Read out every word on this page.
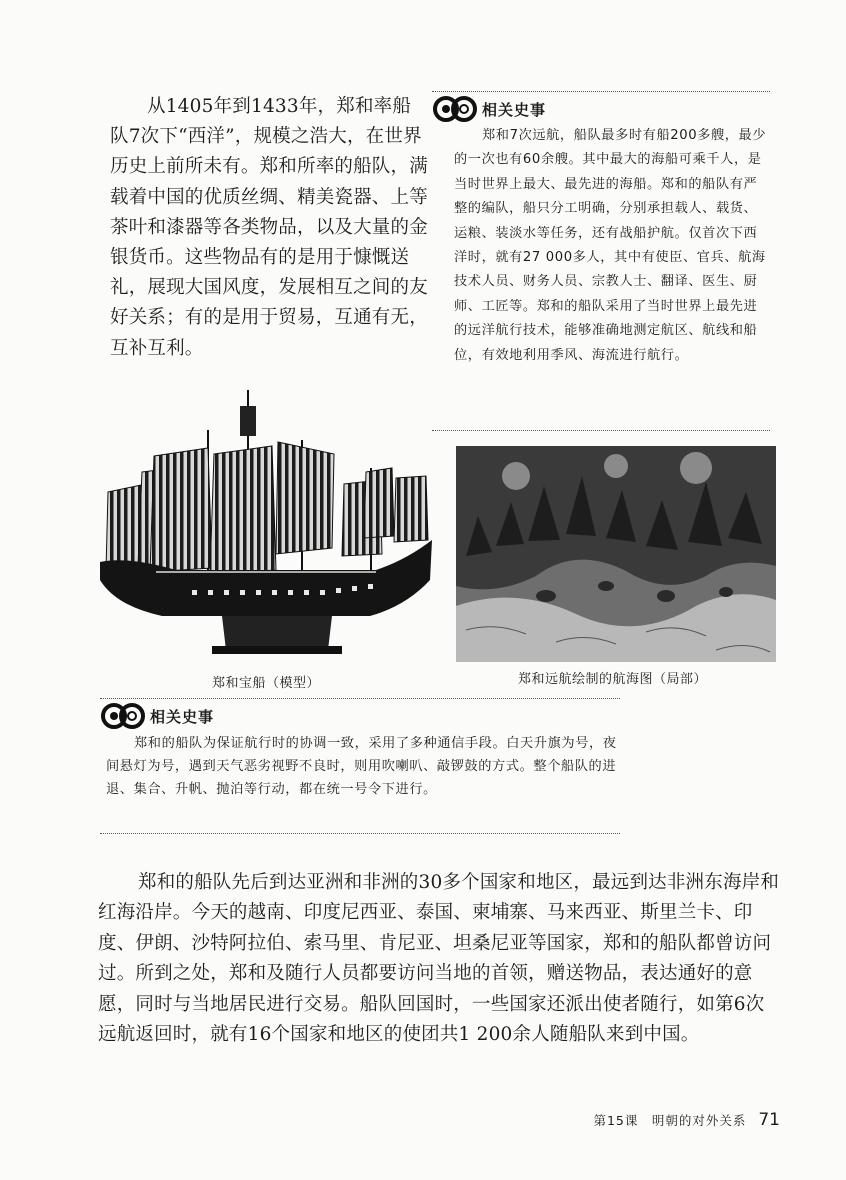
从1405年到1433年，郑和率船队7次下“西洋”，规模之浩大，在世界历史上前所未有。郑和所率的船队，满载着中国的优质丝绸、精美瓷器、上等茶叶和漆器等各类物品，以及大量的金银货币。这些物品有的是用于慷慨送礼，展现大国风度，发展相互之间的友好关系；有的是用于贸易，互通有无，互补互利。

相关史事

郑和7次远航，船队最多时有船200多艘，最少的一次也有60余艘。其中最大的海船可乘千人，是当时世界上最大、最先进的海船。郑和的船队有严整的编队，船只分工明确，分别承担载人、载货、运粮、装淡水等任务，还有战船护航。仅首次下西洋时，就有27 000多人，其中有使臣、官兵、航海技术人员、财务人员、宗教人士、翻译、医生、厨师、工匠等。郑和的船队采用了当时世界上最先进的远洋航行技术，能够准确地测定航区、航线和船位，有效地利用季风、海流进行航行。

郑和宝船（模型）	郑和远航绘制的航海图（局部）
相关史事

郑和的船队为保证航行时的协调一致，采用了多种通信手段。白天升旗为号，夜间悬灯为号，遇到天气恶劣视野不良时，则用吹喇叭、敲锣鼓的方式。整个船队的进退、集合、升帆、抛泊等行动，都在统一号令下进行。

郑和的船队先后到达亚洲和非洲的30多个国家和地区，最远到达非洲东海岸和红海沿岸。今天的越南、印度尼西亚、泰国、柬埔寨、马来西亚、斯里兰卡、印度、伊朗、沙特阿拉伯、索马里、肯尼亚、坦桑尼亚等国家，郑和的船队都曾访问过。所到之处，郑和及随行人员都要访问当地的首领，赠送物品，表达通好的意愿，同时与当地居民进行交易。船队回国时，一些国家还派出使者随行，如第6次远航返回时，就有16个国家和地区的使团共1 200余人随船队来到中国。

第15课　明朝的对外关系 71
